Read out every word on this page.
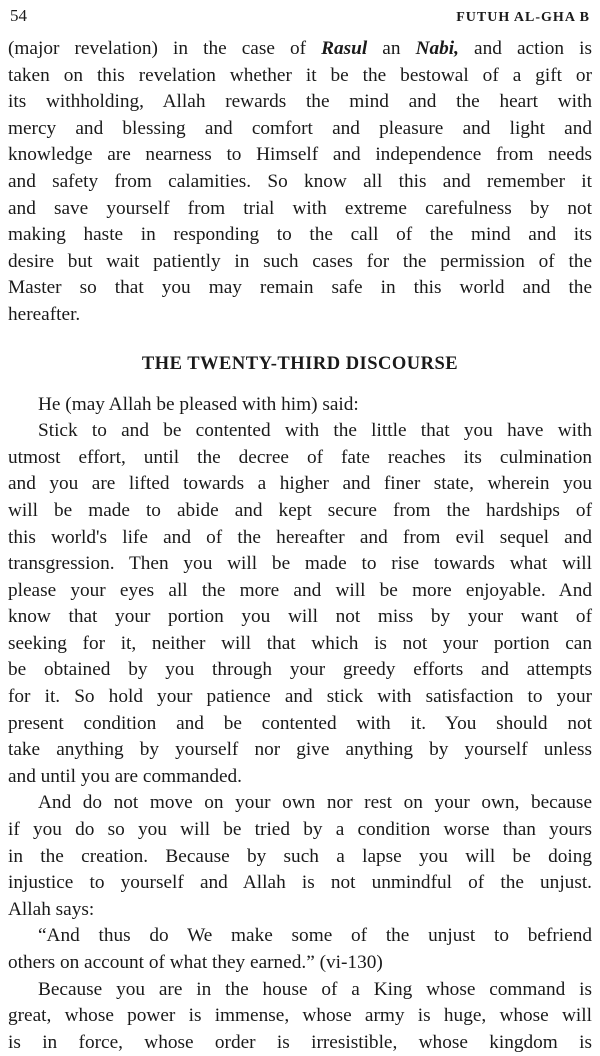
54	FUTUH AL-GHA B

(major revelation) in the case of Rasul an Nabi, and action is
taken on this revelation whether it be the bestowal of a gift or
its withholding, Allah rewards the mind and the heart with
mercy and blessing and comfort and pleasure and light and
knowledge are nearness to Himself and independence from needs
and safety from calamities. So know all this and remember it
and save yourself from trial with extreme carefulness by not
making haste in responding to the call of the mind and its
desire but wait patiently in such cases for the permission of the
Master so that you may remain safe in this world and the
hereafter.

THE TWENTY-THIRD DISCOURSE

He (may Allah be pleased with him) said:

Stick to and be contented with the little that you have with
utmost effort, until the decree of fate reaches its culmination
and you are lifted towards a higher and finer state, wherein you
will be made to abide and kept secure from the hardships of
this world's life and of the hereafter and from evil sequel and
transgression. Then you will be made to rise towards what will
please your eyes all the more and will be more enjoyable. And
know that your portion you will not miss by your want of
seeking for it, neither will that which is not your portion can
be obtained by you through your greedy efforts and attempts
for it. So hold your patience and stick with satisfaction to your
present condition and be contented with it. You should not
take anything by yourself nor give anything by yourself unless
and until you are commanded.

And do not move on your own nor rest on your own, because
if you do so you will be tried by a condition worse than yours
in the creation. Because by such a lapse you will be doing
injustice to yourself and Allah is not unmindful of the unjust.
Allah says:

“And thus do We make some of the unjust to befriend
others on account of what they earned.” (vi-130)

Because you are in the house of a King whose command is
great, whose power is immense, whose army is huge, whose will
is in force, whose order is irresistible, whose kingdom is
